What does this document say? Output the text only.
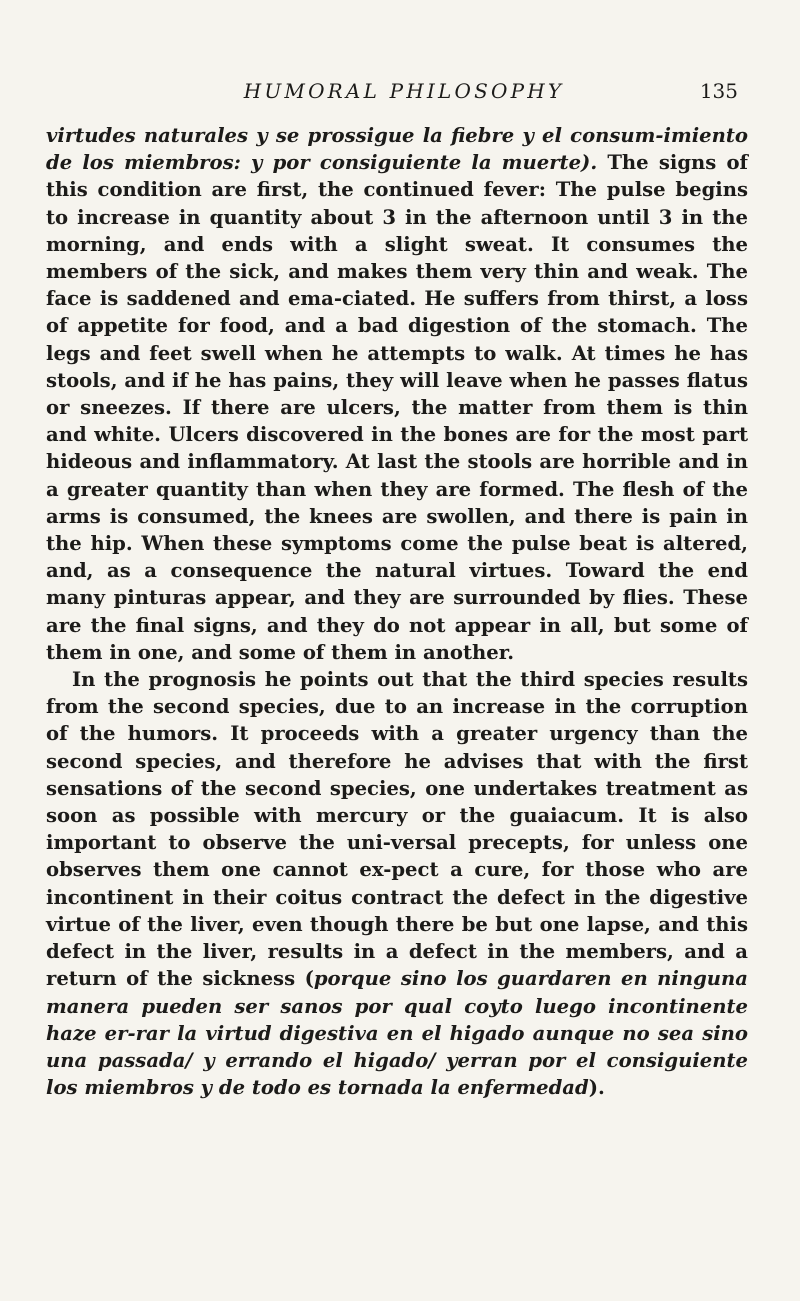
HUMORAL PHILOSOPHY	135

virtudes naturales y se prossigue la fiebre y el consum-imiento de los miembros: y por consiguiente la muerte). The signs of this condition are first, the continued fever: The pulse begins to increase in quantity about 3 in the afternoon until 3 in the morning, and ends with a slight sweat. It consumes the members of the sick, and makes them very thin and weak. The face is saddened and ema-ciated. He suffers from thirst, a loss of appetite for food, and a bad digestion of the stomach. The legs and feet swell when he attempts to walk. At times he has stools, and if he has pains, they will leave when he passes flatus or sneezes. If there are ulcers, the matter from them is thin and white. Ulcers discovered in the bones are for the most part hideous and inflammatory. At last the stools are horrible and in a greater quantity than when they are formed. The flesh of the arms is consumed, the knees are swollen, and there is pain in the hip. When these symptoms come the pulse beat is altered, and, as a consequence the natural virtues. Toward the end many pinturas appear, and they are surrounded by flies. These are the final signs, and they do not appear in all, but some of them in one, and some of them in another.

In the prognosis he points out that the third species results from the second species, due to an increase in the corruption of the humors. It proceeds with a greater urgency than the second species, and therefore he advises that with the first sensations of the second species, one undertakes treatment as soon as possible with mercury or the guaiacum. It is also important to observe the uni-versal precepts, for unless one observes them one cannot ex-pect a cure, for those who are incontinent in their coitus contract the defect in the digestive virtue of the liver, even though there be but one lapse, and this defect in the liver, results in a defect in the members, and a return of the sickness (porque sino los guardaren en ninguna manera pueden ser sanos por qual coyto luego incontinente haze er-rar la virtud digestiva en el higado aunque no sea sino una passada/ y errando el higado/ yerran por el consiguiente los miembros y de todo es tornada la enfermedad).
